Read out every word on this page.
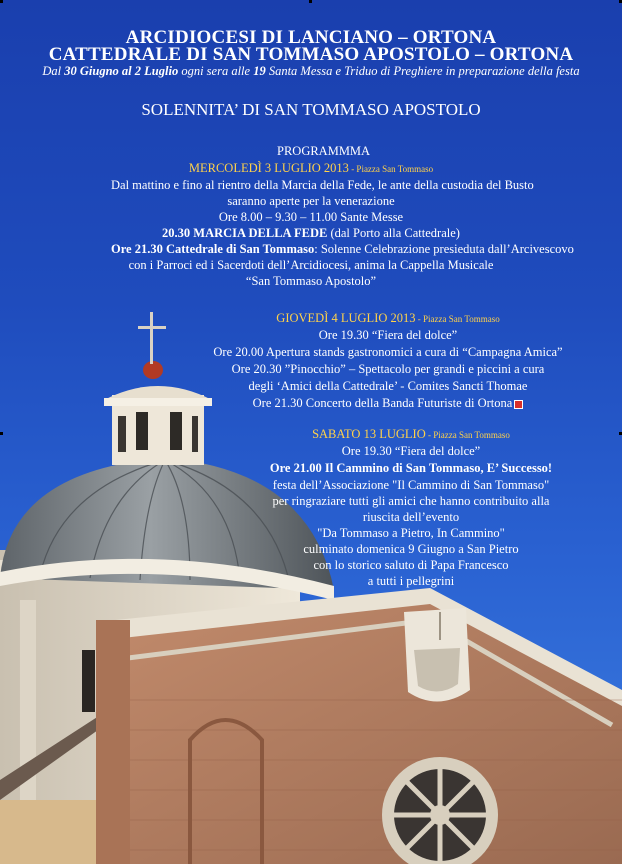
ARCIDIOCESI DI LANCIANO – ORTONA
CATTEDRALE DI SAN TOMMASO APOSTOLO – ORTONA
Dal 30 Giugno al 2 Luglio ogni sera alle 19 Santa Messa e Triduo di Preghiere in preparazione della festa
SOLENNITA’ DI SAN TOMMASO APOSTOLO
PROGRAMMMA
MERCOLEDÌ 3 LUGLIO 2013 - Piazza San Tommaso
Dal mattino e fino al rientro della Marcia della Fede, le ante della custodia del Busto
saranno aperte per la venerazione
Ore 8.00 – 9.30 – 11.00 Sante Messe
20.30 MARCIA DELLA FEDE (dal Porto alla Cattedrale)
Ore 21.30 Cattedrale di San Tommaso: Solenne Celebrazione presieduta dall’Arcivescovo
con i Parroci ed i Sacerdoti dell’Arcidiocesi, anima la Cappella Musicale
“San Tommaso Apostolo”
GIOVEDÌ 4 LUGLIO 2013 - Piazza San Tommaso
Ore 19.30 “Fiera del dolce”
Ore 20.00 Apertura stands gastronomici a cura di “Campagna Amica”
Ore 20.30 ”Pinocchio” – Spettacolo per grandi e piccini a cura
degli ‘Amici della Cattedrale’ - Comites Sancti Thomae
Ore 21.30 Concerto della Banda Futuriste di Ortona
SABATO 13 LUGLIO - Piazza San Tommaso
Ore 19.30 “Fiera del dolce”
Ore 21.00 Il Cammino di San Tommaso, E’ Successo!
festa dell’Associazione "Il Cammino di San Tommaso"
per ringraziare tutti gli amici che hanno contribuito alla
riuscita dell’evento
"Da Tommaso a Pietro, In Cammino"
culminato domenica 9 Giugno a San Pietro
con lo storico saluto di Papa Francesco
a tutti i pellegrini
